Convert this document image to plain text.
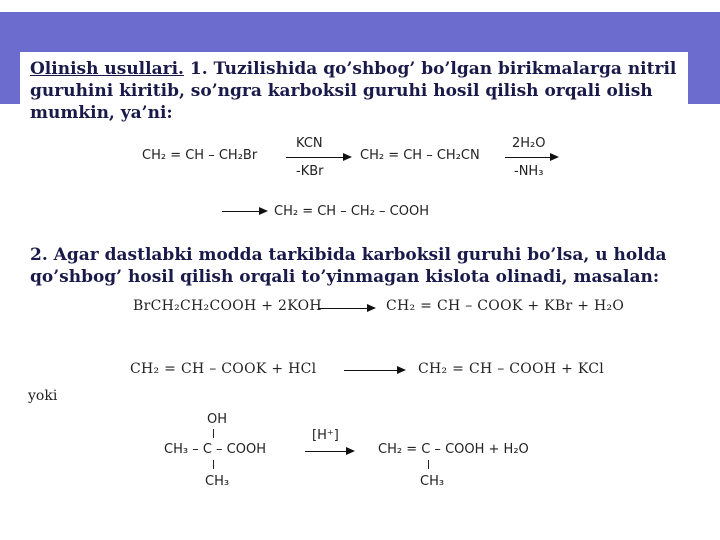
Olinish usullari. 1. Tuzilishida qo’shbog’ bo’lgan birikmalarga nitril guruhini kiritib, so’ngra karboksil guruhi hosil qilish orqali olish mumkin, ya’ni:

CH₂ = CH – CH₂Br
KCN
-KBr
CH₂ = CH – CH₂CN
2H₂O
-NH₃
CH₂ = CH – CH₂ – COOH

2. Agar dastlabki modda tarkibida karboksil guruhi bo’lsa, u holda qo’shbog’ hosil qilish orqali to’yinmagan kislota olinadi, masalan:

BrCH₂CH₂COOH + 2KOH	CH₂ = CH – COOK + KBr + H₂O
CH₂ = CH – COOK + HCl	CH₂ = CH – COOH + KCl
yoki
OH
CH₃ – C – COOH
CH₃
[H⁺]
CH₂ = C – COOH + H₂O
CH₃
